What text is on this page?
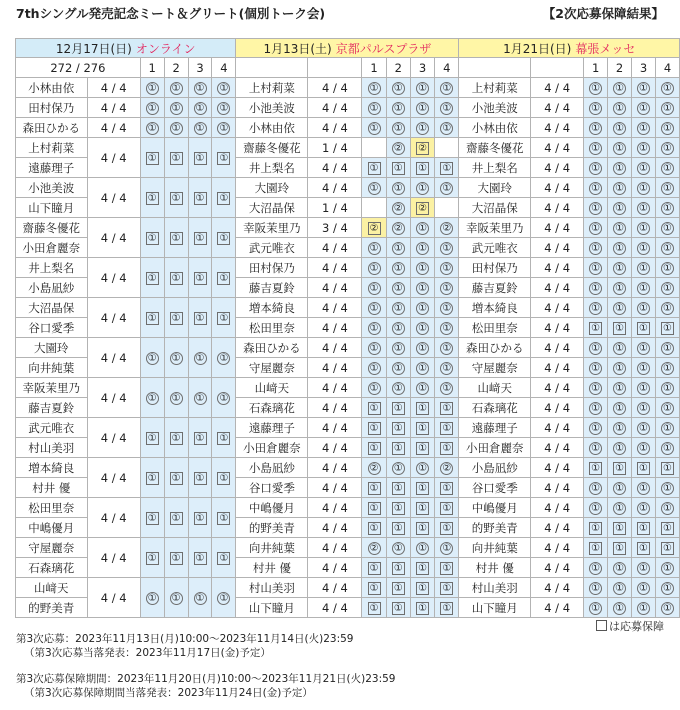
7thシングル発売記念ミート＆グリート(個別トーク会)	【2次応募保障結果】
12月17日(日) オンライン						1月13日(土) 京都パルスプラザ						1月21日(日) 幕張メッセ					
272 / 276		1	2	3	4			1	2	3	4			1	2	3	4
小林由依	4 / 4	①	①	①	①	上村莉菜	4 / 4	①	①	①	①	上村莉菜	4 / 4	①	①	①	①
田村保乃	4 / 4	①	①	①	①	小池美波	4 / 4	①	①	①	①	小池美波	4 / 4	①	①	①	①
森田ひかる	4 / 4	①	①	①	①	小林由依	4 / 4	①	①	①	①	小林由依	4 / 4	①	①	①	①
上村莉菜	4 / 4	①	①	①	①	齋藤冬優花	1 / 4		②	②		齋藤冬優花	4 / 4	①	①	①	①
遠藤理子						井上梨名	4 / 4	①	①	①	①	井上梨名	4 / 4	①	①	①	①
小池美波	4 / 4	①	①	①	①	大園玲	4 / 4	①	①	①	①	大園玲	4 / 4	①	①	①	①
山下瞳月						大沼晶保	1 / 4		②	②		大沼晶保	4 / 4	①	①	①	①
齋藤冬優花	4 / 4	①	①	①	①	幸阪茉里乃	3 / 4	②	②	①	②	幸阪茉里乃	4 / 4	①	①	①	①
小田倉麗奈						武元唯衣	4 / 4	①	①	①	①	武元唯衣	4 / 4	①	①	①	①
井上梨名	4 / 4	①	①	①	①	田村保乃	4 / 4	①	①	①	①	田村保乃	4 / 4	①	①	①	①
小島凪紗						藤吉夏鈴	4 / 4	①	①	①	①	藤吉夏鈴	4 / 4	①	①	①	①
大沼晶保	4 / 4	①	①	①	①	増本綺良	4 / 4	①	①	①	①	増本綺良	4 / 4	①	①	①	①
谷口愛季						松田里奈	4 / 4	①	①	①	①	松田里奈	4 / 4	①	①	①	①
大園玲	4 / 4	①	①	①	①	森田ひかる	4 / 4	①	①	①	①	森田ひかる	4 / 4	①	①	①	①
向井純葉						守屋麗奈	4 / 4	①	①	①	①	守屋麗奈	4 / 4	①	①	①	①
幸阪茉里乃	4 / 4	①	①	①	①	山﨑天	4 / 4	①	①	①	①	山﨑天	4 / 4	①	①	①	①
藤吉夏鈴						石森璃花	4 / 4	①	①	①	①	石森璃花	4 / 4	①	①	①	①
武元唯衣	4 / 4	①	①	①	①	遠藤理子	4 / 4	①	①	①	①	遠藤理子	4 / 4	①	①	①	①
村山美羽						小田倉麗奈	4 / 4	①	①	①	①	小田倉麗奈	4 / 4	①	①	①	①
増本綺良	4 / 4	①	①	①	①	小島凪紗	4 / 4	②	①	①	②	小島凪紗	4 / 4	①	①	①	①
村井 優						谷口愛季	4 / 4	①	①	①	①	谷口愛季	4 / 4	①	①	①	①
松田里奈	4 / 4	①	①	①	①	中嶋優月	4 / 4	①	①	①	①	中嶋優月	4 / 4	①	①	①	①
中嶋優月						的野美青	4 / 4	①	①	①	①	的野美青	4 / 4	①	①	①	①
守屋麗奈	4 / 4	①	①	①	①	向井純葉	4 / 4	②	①	①	①	向井純葉	4 / 4	①	①	①	①
石森璃花						村井 優	4 / 4	①	①	①	①	村井 優	4 / 4	①	①	①	①
山﨑天	4 / 4	①	①	①	①	村山美羽	4 / 4	①	①	①	①	村山美羽	4 / 4	①	①	①	①
的野美青						山下瞳月	4 / 4	①	①	①	①	山下瞳月	4 / 4	①	①	①	①
は応募保障
第3次応募：2023年11月13日(月)10:00～2023年11月14日(火)23:59
（第3次応募当落発表：2023年11月17日(金)予定）
第3次応募保障期間：2023年11月20日(月)10:00～2023年11月21日(火)23:59
（第3次応募保障期間当落発表：2023年11月24日(金)予定）
